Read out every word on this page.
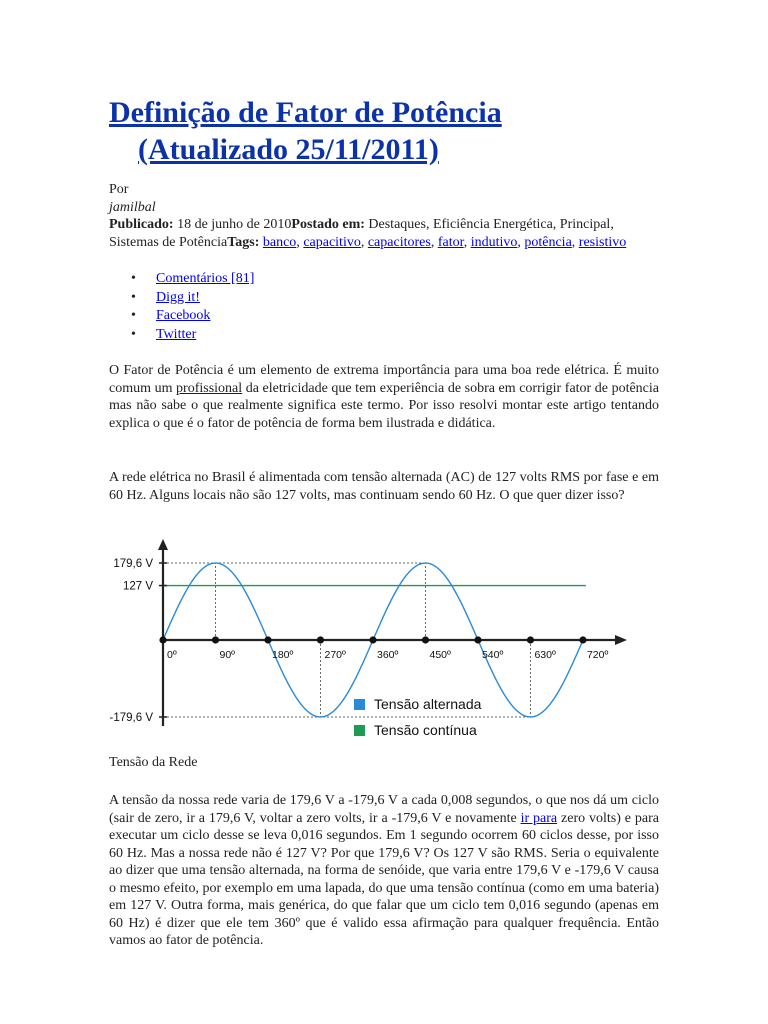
Definição de Fator de Potência
(Atualizado 25/11/2011)
Por
jamilbal
Publicado: 18 de junho de 2010Postado em: Destaques, Eficiência Energética, Principal, Sistemas de PotênciaTags: banco, capacitivo, capacitores, fator, indutivo, potência, resistivo
• Comentários [81]
• Digg it!
• Facebook
• Twitter

O Fator de Potência é um elemento de extrema importância para uma boa rede elétrica. É muito comum um profissional da eletricidade que tem experiência de sobra em corrigir fator de potência mas não sabe o que realmente significa este termo. Por isso resolvi montar este artigo tentando explica o que é o fator de potência de forma bem ilustrada e didática.

A rede elétrica no Brasil é alimentada com tensão alternada (AC) de 127 volts RMS por fase e em 60 Hz. Alguns locais não são 127 volts, mas continuam sendo 60 Hz. O que quer dizer isso?

179,6 V
127 V
-179,6 V
0º	90º	180º	270º	360º	450º	540º	630º	720º
Tensão alternada
Tensão contínua
Tensão da Rede

A tensão da nossa rede varia de 179,6 V a -179,6 V a cada 0,008 segundos, o que nos dá um ciclo (sair de zero, ir a 179,6 V, voltar a zero volts, ir a -179,6 V e novamente ir para zero volts) e para executar um ciclo desse se leva 0,016 segundos. Em 1 segundo ocorrem 60 ciclos desse, por isso 60 Hz. Mas a nossa rede não é 127 V? Por que 179,6 V? Os 127 V são RMS. Seria o equivalente ao dizer que uma tensão alternada, na forma de senóide, que varia entre 179,6 V e -179,6 V causa o mesmo efeito, por exemplo em uma lapada, do que uma tensão contínua (como em uma bateria) em 127 V. Outra forma, mais genérica, do que falar que um ciclo tem 0,016 segundo (apenas em 60 Hz) é dizer que ele tem 360º que é valido essa afirmação para qualquer frequência. Então vamos ao fator de potência.
